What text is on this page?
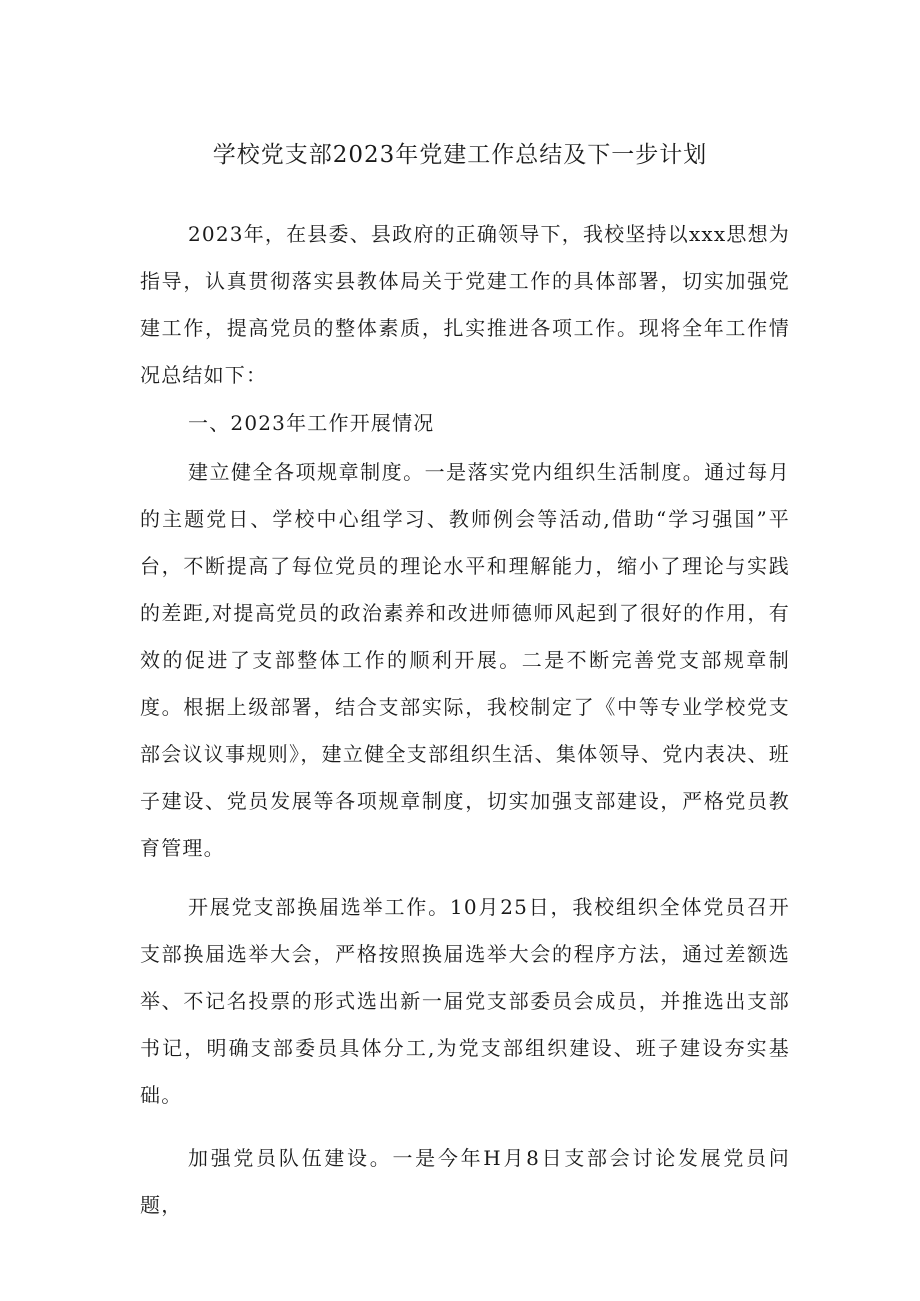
学校党支部2023年党建工作总结及下一步计划

2023年，在县委、县政府的正确领导下，我校坚持以xxx思想为指导，认真贯彻落实县教体局关于党建工作的具体部署，切实加强党建工作，提高党员的整体素质，扎实推进各项工作。现将全年工作情况总结如下：

一、2023年工作开展情况

建立健全各项规章制度。一是落实党内组织生活制度。通过每月的主题党日、学校中心组学习、教师例会等活动,借助“学习强国”平台，不断提高了每位党员的理论水平和理解能力，缩小了理论与实践的差距,对提高党员的政治素养和改进师德师风起到了很好的作用，有效的促进了支部整体工作的顺利开展。二是不断完善党支部规章制度。根据上级部署，结合支部实际，我校制定了《中等专业学校党支部会议议事规则》，建立健全支部组织生活、集体领导、党内表决、班子建设、党员发展等各项规章制度，切实加强支部建设，严格党员教育管理。

开展党支部换届选举工作。10月25日，我校组织全体党员召开支部换届选举大会，严格按照换届选举大会的程序方法，通过差额选举、不记名投票的形式选出新一届党支部委员会成员，并推选出支部书记，明确支部委员具体分工,为党支部组织建设、班子建设夯实基础。

加强党员队伍建设。一是今年H月8日支部会讨论发展党员问题，
